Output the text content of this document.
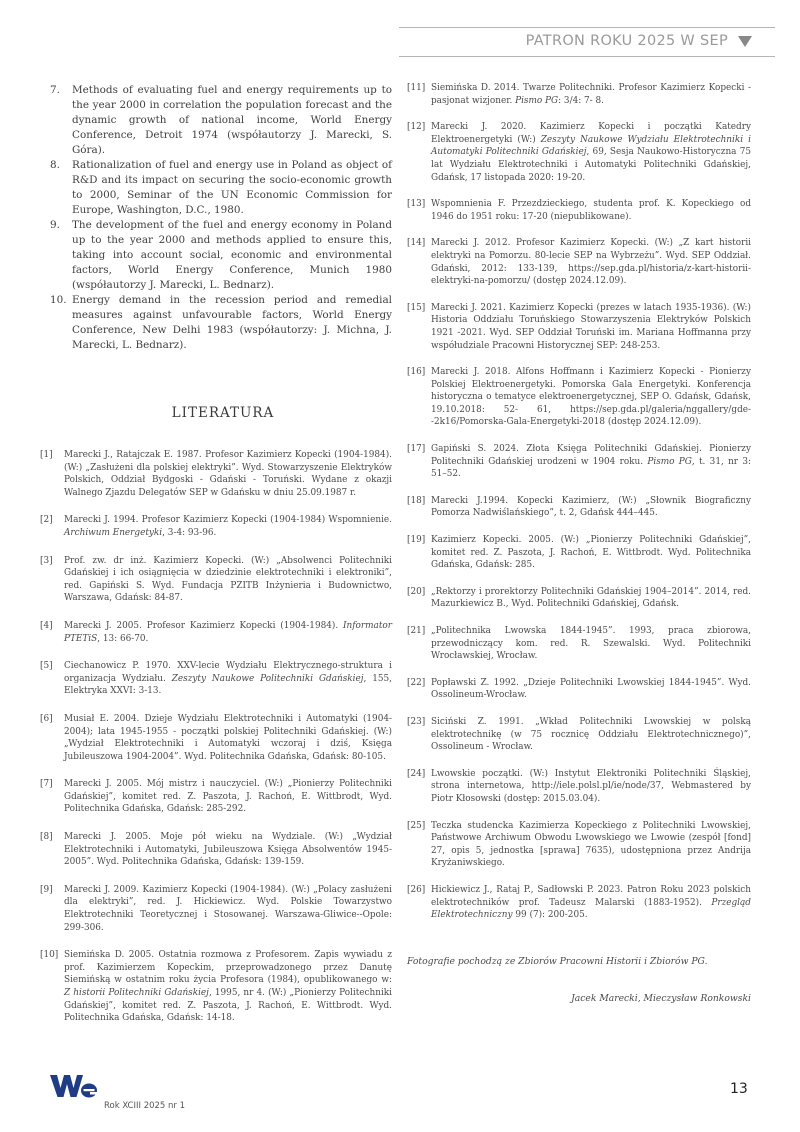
PATRON ROKU 2025 W SEP
7.	Methods of evaluating fuel and energy requirements up to the year 2000 in correlation the population forecast and the dynamic growth of national income, World Energy Conference, Detroit 1974 (współautorzy J. Marecki, S. Góra).
8.	Rationalization of fuel and energy use in Poland as object of R&D and its impact on securing the socio-economic growth to 2000, Seminar of the UN Economic Commission for Europe, Washington, D.C., 1980.
9.	The development of the fuel and energy economy in Poland up to the year 2000 and methods applied to ensure this, taking into account social, economic and environmental factors, World Energy Conference, Munich 1980 (współautorzy J. Marecki, L. Bednarz).
10. Energy demand in the recession period and remedial measures against unfavourable factors, World Energy Conference, New Delhi 1983 (współautorzy: J. Michna, J. Marecki, L. Bednarz).
LITERATURA
[1]	Marecki J., Ratajczak E. 1987. Profesor Kazimierz Kopecki (1904-1984). (W:) „Zasłużeni dla polskiej elektryki”. Wyd. Stowarzyszenie Elektryków Polskich, Oddział Bydgoski - Gdański - Toruński. Wydane z okazji Walnego Zjazdu Delegatów SEP w Gdańsku w dniu 25.09.1987 r.
[2]	Marecki J. 1994. Profesor Kazimierz Kopecki (1904-1984) Wspomnienie. Archiwum Energetyki, 3-4: 93-96.
[3]	Prof. zw. dr inż. Kazimierz Kopecki. (W:) „Absolwenci Politechniki Gdańskiej i ich osiągnięcia w dziedzinie elektrotechniki i elektroniki”, red. Gapiński S. Wyd. Fundacja PZITB Inżynieria i Budownictwo, Warszawa, Gdańsk: 84-87.
[4]	Marecki J. 2005. Profesor Kazimierz Kopecki (1904-1984). Informator PTETiS, 13: 66-70.
[5]	Ciechanowicz P. 1970. XXV-lecie Wydziału Elektrycznego-struktura i organizacja Wydziału. Zeszyty Naukowe Politechniki Gdańskiej, 155, Elektryka XXVI: 3-13.
[6]	Musiał E. 2004. Dzieje Wydziału Elektrotechniki i Automatyki (1904-2004); lata 1945-1955 - początki polskiej Politechniki Gdańskiej. (W:) „Wydział Elektrotechniki i Automatyki wczoraj i dziś, Księga Jubileuszowa 1904-2004”. Wyd. Politechnika Gdańska, Gdańsk: 80-105.
[7]	Marecki J. 2005. Mój mistrz i nauczyciel. (W:) „Pionierzy Politechniki Gdańskiej”, komitet red. Z. Paszota, J. Rachoń, E. Wittbrodt, Wyd. Politechnika Gdańska, Gdańsk: 285-292.
[8]	Marecki J. 2005. Moje pół wieku na Wydziale. (W:) „Wydział Elektrotechniki i Automatyki, Jubileuszowa Księga Absolwentów 1945-2005”. Wyd. Politechnika Gdańska, Gdańsk: 139-159.
[9]	Marecki J. 2009. Kazimierz Kopecki (1904-1984). (W:) „Polacy zasłużeni dla elektryki”, red. J. Hickiewicz. Wyd. Polskie Towarzystwo Elektrotechniki Teoretycznej i Stosowanej. Warszawa-Gliwice--Opole: 299-306.
[10] Siemińska D. 2005. Ostatnia rozmowa z Profesorem. Zapis wywiadu z prof. Kazimierzem Kopeckim, przeprowadzonego przez Danutę Siemińską w ostatnim roku życia Profesora (1984), opublikowanego w: Z historii Politechniki Gdańskiej, 1995, nr 4. (W:) „Pionierzy Politechniki Gdańskiej”, komitet red. Z. Paszota, J. Rachoń, E. Wittbrodt. Wyd. Politechnika Gdańska, Gdańsk: 14-18.
[11] Siemińska D. 2014. Twarze Politechniki. Profesor Kazimierz Kopecki - pasjonat wizjoner. Pismo PG: 3/4: 7- 8.
[12] Marecki J. 2020. Kazimierz Kopecki i początki Katedry Elektroenergetyki (W:) Zeszyty Naukowe Wydziału Elektrotechniki i Automatyki Politechniki Gdańskiej, 69, Sesja Naukowo-Historyczna 75 lat Wydziału Elektrotechniki i Automatyki Politechniki Gdańskiej, Gdańsk, 17 listopada 2020: 19-20.
[13] Wspomnienia F. Przezdzieckiego, studenta prof. K. Kopeckiego od 1946 do 1951 roku: 17-20 (niepublikowane).
[14] Marecki J. 2012. Profesor Kazimierz Kopecki. (W:) „Z kart historii elektryki na Pomorzu. 80-lecie SEP na Wybrzeżu”. Wyd. SEP Oddział. Gdański, 2012: 133-139, https://sep.gda.pl/historia/z-kart-historii-elektryki-na-pomorzu/ (dostęp 2024.12.09).
[15] Marecki J. 2021. Kazimierz Kopecki (prezes w latach 1935-1936). (W:) Historia Oddziału Toruńskiego Stowarzyszenia Elektryków Polskich 1921 -2021. Wyd. SEP Oddział Toruński im. Mariana Hoffmanna przy współudziale Pracowni Historycznej SEP: 248-253.
[16] Marecki J. 2018. Alfons Hoffmann i Kazimierz Kopecki - Pionierzy Polskiej Elektroenergetyki. Pomorska Gala Energetyki. Konferencja historyczna o tematyce elektroenergetycznej, SEP O. Gdańsk, Gdańsk, 19.10.2018: 52- 61, https://sep.gda.pl/galeria/nggallery/gde--2k16/Pomorska-Gala-Energetyki-2018 (dostęp 2024.12.09).
[17] Gapiński S. 2024. Złota Księga Politechniki Gdańskiej. Pionierzy Politechniki Gdańskiej urodzeni w 1904 roku. Pismo PG, t. 31, nr 3: 51–52.
[18] Marecki J.1994. Kopecki Kazimierz, (W:) „Słownik Biograficzny Pomorza Nadwiślańskiego”, t. 2, Gdańsk 444–445.
[19] Kazimierz Kopecki. 2005. (W:) „Pionierzy Politechniki Gdańskiej”, komitet red. Z. Paszota, J. Rachoń, E. Wittbrodt. Wyd. Politechnika Gdańska, Gdańsk: 285.
[20] „Rektorzy i prorektorzy Politechniki Gdańskiej 1904–2014”. 2014, red. Mazurkiewicz B., Wyd. Politechniki Gdańskiej, Gdańsk.
[21] „Politechnika Lwowska 1844-1945”. 1993, praca zbiorowa, przewodniczący kom. red. R. Szewalski. Wyd. Politechniki Wrocławskiej, Wrocław.
[22] Popławski Z. 1992. „Dzieje Politechniki Lwowskiej 1844-1945”. Wyd. Ossolineum-Wrocław.
[23] Siciński Z. 1991. „Wkład Politechniki Lwowskiej w polską elektrotechnikę (w 75 rocznicę Oddziału Elektrotechnicznego)”, Ossolineum - Wrocław.
[24] Lwowskie początki. (W:) Instytut Elektroniki Politechniki Śląskiej, strona internetowa, http://iele.polsl.pl/ie/node/37, Webmastered by Piotr Kłosowski (dostęp: 2015.03.04).
[25] Teczka studencka Kazimierza Kopeckiego z Politechniki Lwowskiej, Państwowe Archiwum Obwodu Lwowskiego we Lwowie (zespół [fond] 27, opis 5, jednostka [sprawa] 7635), udostępniona przez Andrija Kryżaniwskiego.
[26] Hickiewicz J., Rataj P., Sadłowski P. 2023. Patron Roku 2023 polskich elektrotechników prof. Tadeusz Malarski (1883-1952). Przegląd Elektrotechniczny 99 (7): 200-205.
Fotografie pochodzą ze Zbiorów Pracowni Historii i Zbiorów PG.
Jacek Marecki, Mieczysław Ronkowski
Rok XCIII 2025 nr 1
13
